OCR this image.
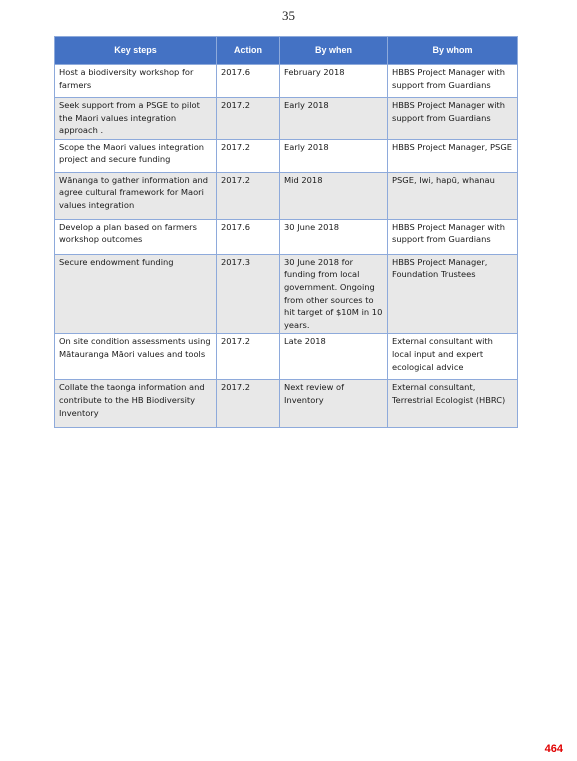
35
Key steps	Action	By when	By whom
Host a biodiversity workshop for farmers	2017.6	February 2018	HBBS Project Manager with support from Guardians
Seek support from a PSGE to pilot the Maori values integration approach .	2017.2	Early 2018	HBBS Project Manager with support from Guardians
Scope the Maori values integration project and secure funding	2017.2	Early 2018	HBBS Project Manager, PSGE
Wānanga to gather information and agree cultural framework for Maori values integration	2017.2	Mid 2018	PSGE, Iwi, hapū, whanau
Develop a plan based on farmers workshop outcomes	2017.6	30 June 2018	HBBS Project Manager with support from Guardians
Secure endowment funding	2017.3	30 June 2018 for funding from local government. Ongoing from other sources to hit target of $10M in 10 years.	HBBS Project Manager, Foundation Trustees
On site condition assessments using Mātauranga Māori values and tools	2017.2	Late 2018	External consultant with local input and expert ecological advice
Collate the taonga information and contribute to the HB Biodiversity Inventory	2017.2	Next review of Inventory	External consultant, Terrestrial Ecologist (HBRC)
464
